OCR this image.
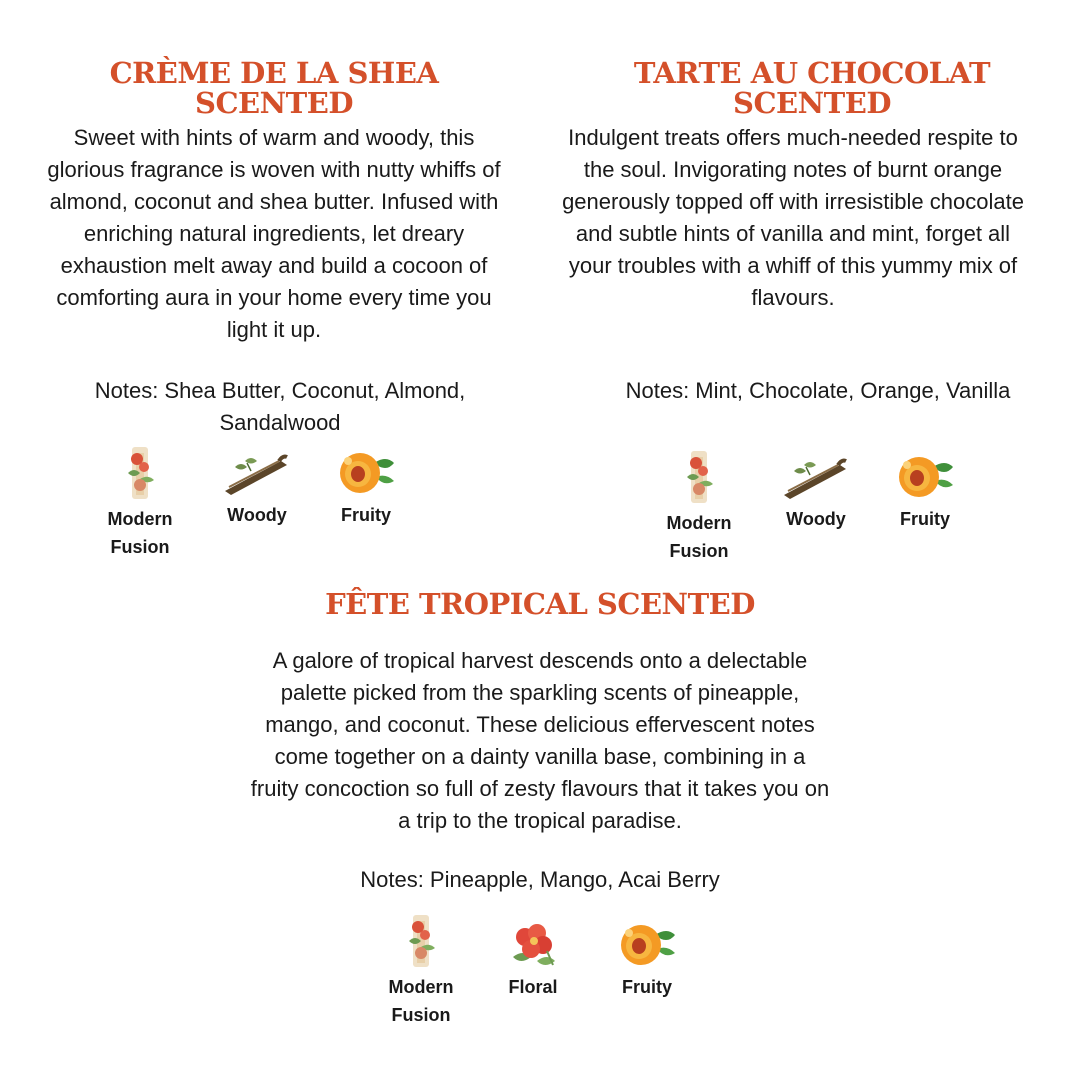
CRÈME DE LA SHEA
SCENTED

Sweet with hints of warm and woody, this glorious fragrance is woven with nutty whiffs of almond, coconut and shea butter. Infused with enriching natural ingredients, let dreary exhaustion melt away and build a cocoon of comforting aura in your home every time you light it up.

Notes: Shea Butter, Coconut, Almond, Sandalwood

Modern
Fusion
Woody	Fruity
TARTE AU CHOCOLAT
SCENTED

Indulgent treats offers much-needed respite to the soul. Invigorating notes of burnt orange generously topped off with irresistible chocolate and subtle hints of vanilla and mint, forget all your troubles with a whiff of this yummy mix of flavours.

Notes: Mint, Chocolate, Orange, Vanilla

Modern
Fusion
Woody	Fruity
FÊTE TROPICAL SCENTED

A galore of tropical harvest descends onto a delectable palette picked from the sparkling scents of pineapple, mango, and coconut. These delicious effervescent notes come together on a dainty vanilla base, combining in a fruity concoction so full of zesty flavours that it takes you on a trip to the tropical paradise.

Notes: Pineapple, Mango, Acai Berry

Modern
Fusion
Floral	Fruity
